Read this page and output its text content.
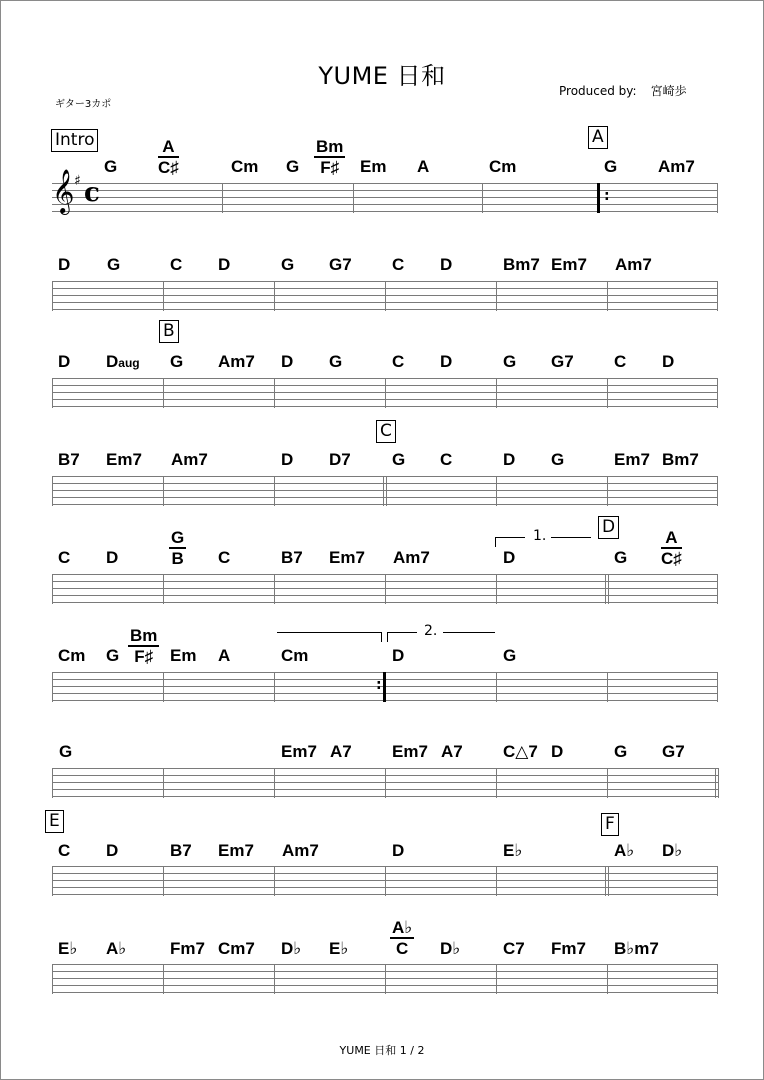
YUME 日和
Produced by: 宮崎歩
ギター3カポ
Intro	A
G $\frac{A}{C♯}$	Cm G $\frac{Bm}{F♯}$ Em A	Cm	G Am7
𝄞 ♯ c	:
D G	C D	G G7 C D	Bm7 Em7 Am7
B
D Daug G Am7 D G	C D	G G7 C D
C
B7 Em7 Am7	D D7 G C	D G	Em7 Bm7
1.	D
C D	$\frac{G}{B}$ C	B7 Em7 Am7	D	G $\frac{A}{C♯}$
2.
Cm G $\frac{Bm}{F♯}$ Em A	Cm	D	G
:
G	Em7 A7 Em7 A7 C△7 D	G G7
E	F
C D	B7 Em7 Am7	D	E♭	A♭ D♭
E♭ A♭	Fm7 Cm7 D♭ E♭ $\frac{A♭}{C}$ D♭	C7 Fm7 B♭m7
YUME 日和 1 / 2
